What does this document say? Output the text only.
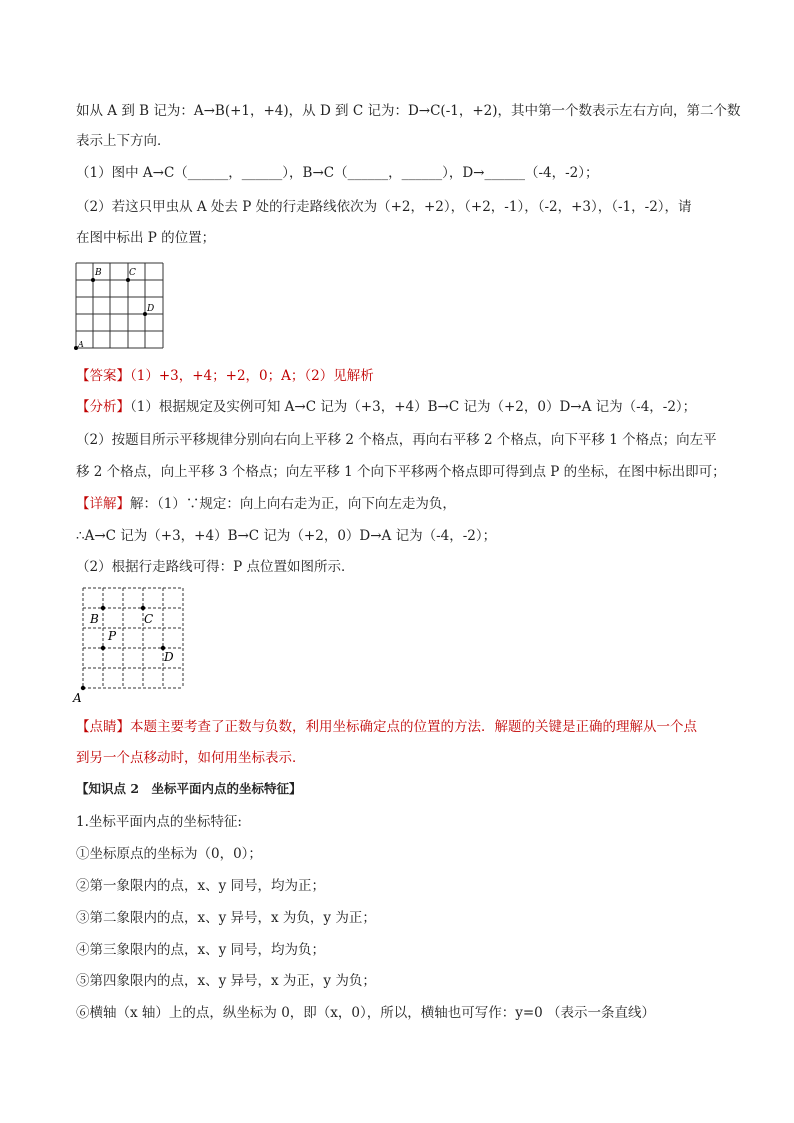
如从 A 到 B 记为：A→B(+1，+4)，从 D 到 C 记为：D→C(-1，+2)，其中第一个数表示左右方向，第二个数
表示上下方向．
（1）图中 A→C（______，______），B→C（______，______），D→______（-4，-2）；
（2）若这只甲虫从 A 处去 P 处的行走路线依次为（+2，+2），（+2，-1），（-2，+3），（-1，-2），请
在图中标出 P 的位置；
B	C
D
A
【答案】（1）+3，+4；+2，0；A；（2）见解析
【分析】（1）根据规定及实例可知 A→C 记为（+3，+4）B→C 记为（+2，0）D→A 记为（-4，-2）；
（2）按题目所示平移规律分别向右向上平移 2 个格点，再向右平移 2 个格点，向下平移 1 个格点；向左平
移 2 个格点，向上平移 3 个格点；向左平移 1 个向下平移两个格点即可得到点 P 的坐标，在图中标出即可；
【详解】解：（1）∵规定：向上向右走为正，向下向左走为负，
∴A→C 记为（+3，+4）B→C 记为（+2，0）D→A 记为（-4，-2）；
（2）根据行走路线可得：P 点位置如图所示．
B	C
P
D
A
【点睛】本题主要考查了正数与负数，利用坐标确定点的位置的方法．解题的关键是正确的理解从一个点
到另一个点移动时，如何用坐标表示．
【知识点 2　坐标平面内点的坐标特征】
1.坐标平面内点的坐标特征:
①坐标原点的坐标为（0，0）；
②第一象限内的点，x、y 同号，均为正；
③第二象限内的点，x、y 异号，x 为负，y 为正；
④第三象限内的点，x、y 同号，均为负；
⑤第四象限内的点，x、y 异号，x 为正，y 为负；
⑥横轴（x 轴）上的点，纵坐标为 0，即（x，0），所以，横轴也可写作：y=0 （表示一条直线）
